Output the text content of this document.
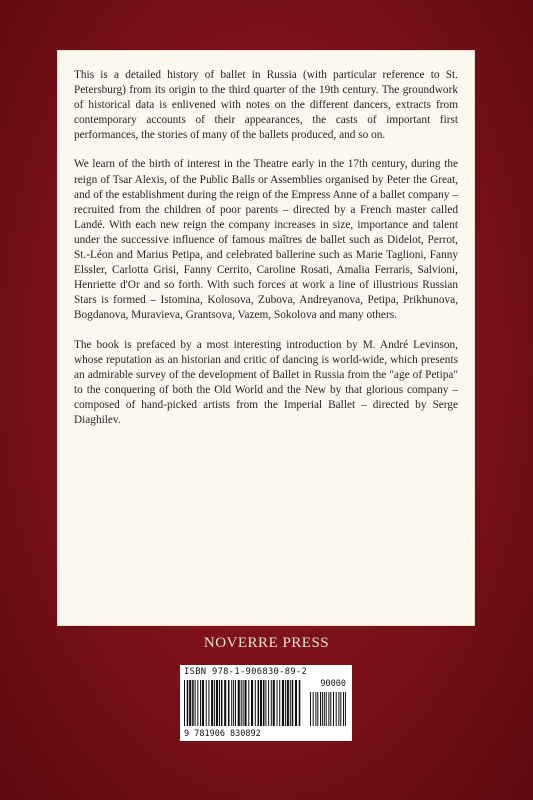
This is a detailed history of ballet in Russia (with particular reference to St. Petersburg) from its origin to the third quarter of the 19th century. The groundwork of historical data is enlivened with notes on the different dancers, extracts from contemporary accounts of their appearances, the casts of important first performances, the stories of many of the ballets produced, and so on.

We learn of the birth of interest in the Theatre early in the 17th century, during the reign of Tsar Alexis, of the Public Balls or Assemblies organised by Peter the Great, and of the establishment during the reign of the Empress Anne of a ballet company – recruited from the children of poor parents – directed by a French master called Landé. With each new reign the company increases in size, importance and talent under the successive influence of famous maîtres de ballet such as Didelot, Perrot, St.-Léon and Marius Petipa, and celebrated ballerine such as Marie Taglioni, Fanny Elssler, Carlotta Grisi, Fanny Cerrito, Caroline Rosati, Amalia Ferraris, Salvioni, Henriette d'Or and so forth. With such forces at work a line of illustrious Russian Stars is formed – Istomina, Kolosova, Zubova, Andreyanova, Petipa, Prikhunova, Bogdanova, Muravieva, Grantsova, Vazem, Sokolova and many others.

The book is prefaced by a most interesting introduction by M. André Levinson, whose reputation as an historian and critic of dancing is world-wide, which presents an admirable survey of the development of Ballet in Russia from the "age of Petipa" to the conquering of both the Old World and the New by that glorious company – composed of hand-picked artists from the Imperial Ballet – directed by Serge Diaghilev.

NOVERRE PRESS
ISBN 978-1-906830-89-2
90000
9 781906 830892
